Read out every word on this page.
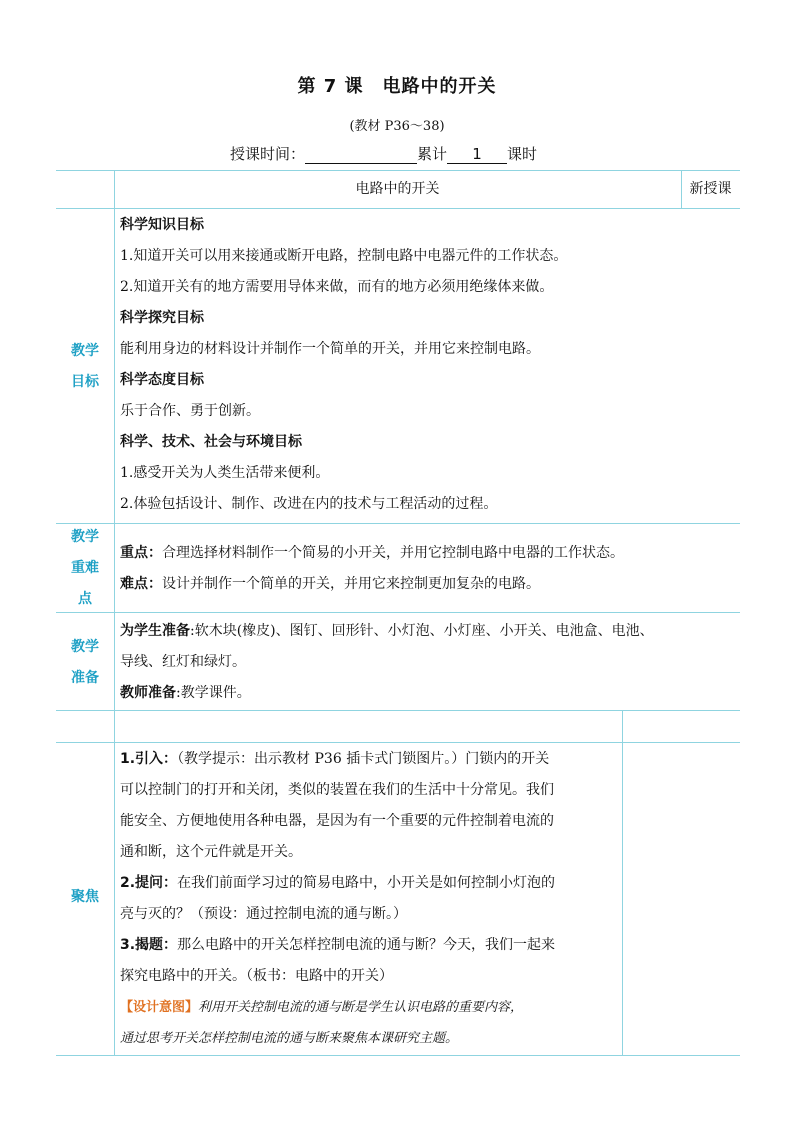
第 7 课　电路中的开关
(教材 P36～38)
授课时间：	累计 1 课时
电路中的开关	新授课
教学
目标

科学知识目标

1.知道开关可以用来接通或断开电路，控制电路中电器元件的工作状态。

2.知道开关有的地方需要用导体来做，而有的地方必须用绝缘体来做。

科学探究目标

能利用身边的材料设计并制作一个简单的开关，并用它来控制电路。

科学态度目标

乐于合作、勇于创新。

科学、技术、社会与环境目标

1.感受开关为人类生活带来便利。

2.体验包括设计、制作、改进在内的技术与工程活动的过程。

教学
重难
点

重点：合理选择材料制作一个简易的小开关，并用它控制电路中电器的工作状态。

难点：设计并制作一个简单的开关，并用它来控制更加复杂的电路。

教学
准备

为学生准备:软木块(橡皮)、图钉、回形针、小灯泡、小灯座、小开关、电池盒、电池、

导线、红灯和绿灯。

教师准备:教学课件。

聚焦

1.引入：（教学提示：出示教材 P36 插卡式门锁图片。）门锁内的开关

可以控制门的打开和关闭，类似的装置在我们的生活中十分常见。我们

能安全、方便地使用各种电器，是因为有一个重要的元件控制着电流的

通和断，这个元件就是开关。

2.提问：在我们前面学习过的简易电路中，小开关是如何控制小灯泡的

亮与灭的？（预设：通过控制电流的通与断。）

3.揭题：那么电路中的开关怎样控制电流的通与断？今天，我们一起来

探究电路中的开关。（板书：电路中的开关）

【设计意图】利用开关控制电流的通与断是学生认识电路的重要内容，

通过思考开关怎样控制电流的通与断来聚焦本课研究主题。
